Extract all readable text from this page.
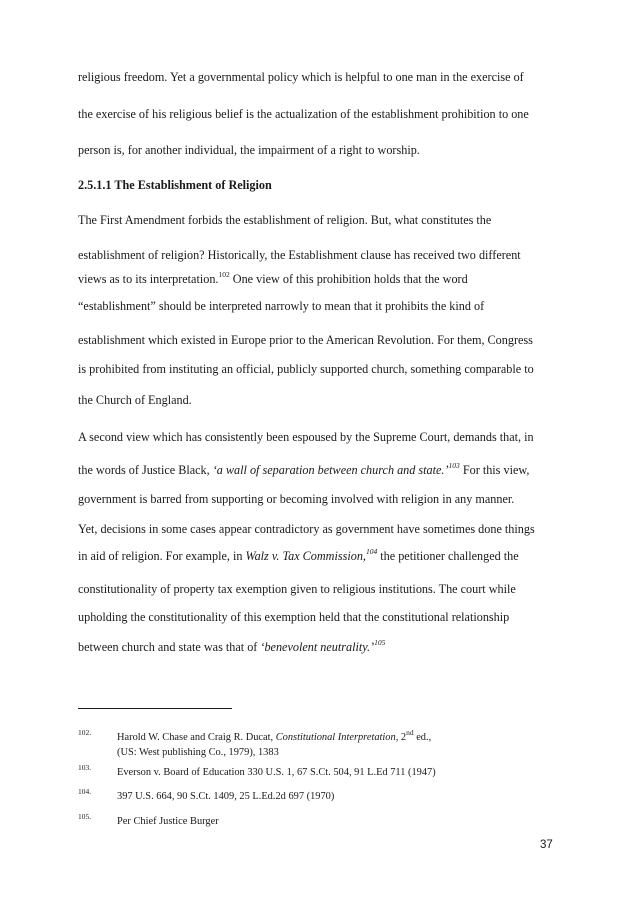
religious freedom. Yet a governmental policy which is helpful to one man in the exercise of
the exercise of his religious belief is the actualization of the establishment prohibition to one
person is, for another individual, the impairment of a right to worship.
2.5.1.1 The Establishment of Religion
The First Amendment forbids the establishment of religion. But, what constitutes the
establishment of religion? Historically, the Establishment clause has received two different
views as to its interpretation.$^{102}$ One view of this prohibition holds that the word
“establishment” should be interpreted narrowly to mean that it prohibits the kind of
establishment which existed in Europe prior to the American Revolution. For them, Congress
is prohibited from instituting an official, publicly supported church, something comparable to
the Church of England.
A second view which has consistently been espoused by the Supreme Court, demands that, in
the words of Justice Black, ‘a wall of separation between church and state.’$^{103}$ For this view,
government is barred from supporting or becoming involved with religion in any manner.
Yet, decisions in some cases appear contradictory as government have sometimes done things
in aid of religion. For example, in Walz v. Tax Commission,$^{104}$ the petitioner challenged the
constitutionality of property tax exemption given to religious institutions. The court while
upholding the constitutionality of this exemption held that the constitutional relationship
between church and state was that of ‘benevolent neutrality.’$^{105}$
102. Harold W. Chase and Craig R. Ducat, Constitutional Interpretation, 2nd ed.,
(US: West publishing Co., 1979), 1383
103. Everson v. Board of Education 330 U.S. 1, 67 S.Ct. 504, 91 L.Ed 711 (1947)
104. 397 U.S. 664, 90 S.Ct. 1409, 25 L.Ed.2d 697 (1970)
105. Per Chief Justice Burger
37
